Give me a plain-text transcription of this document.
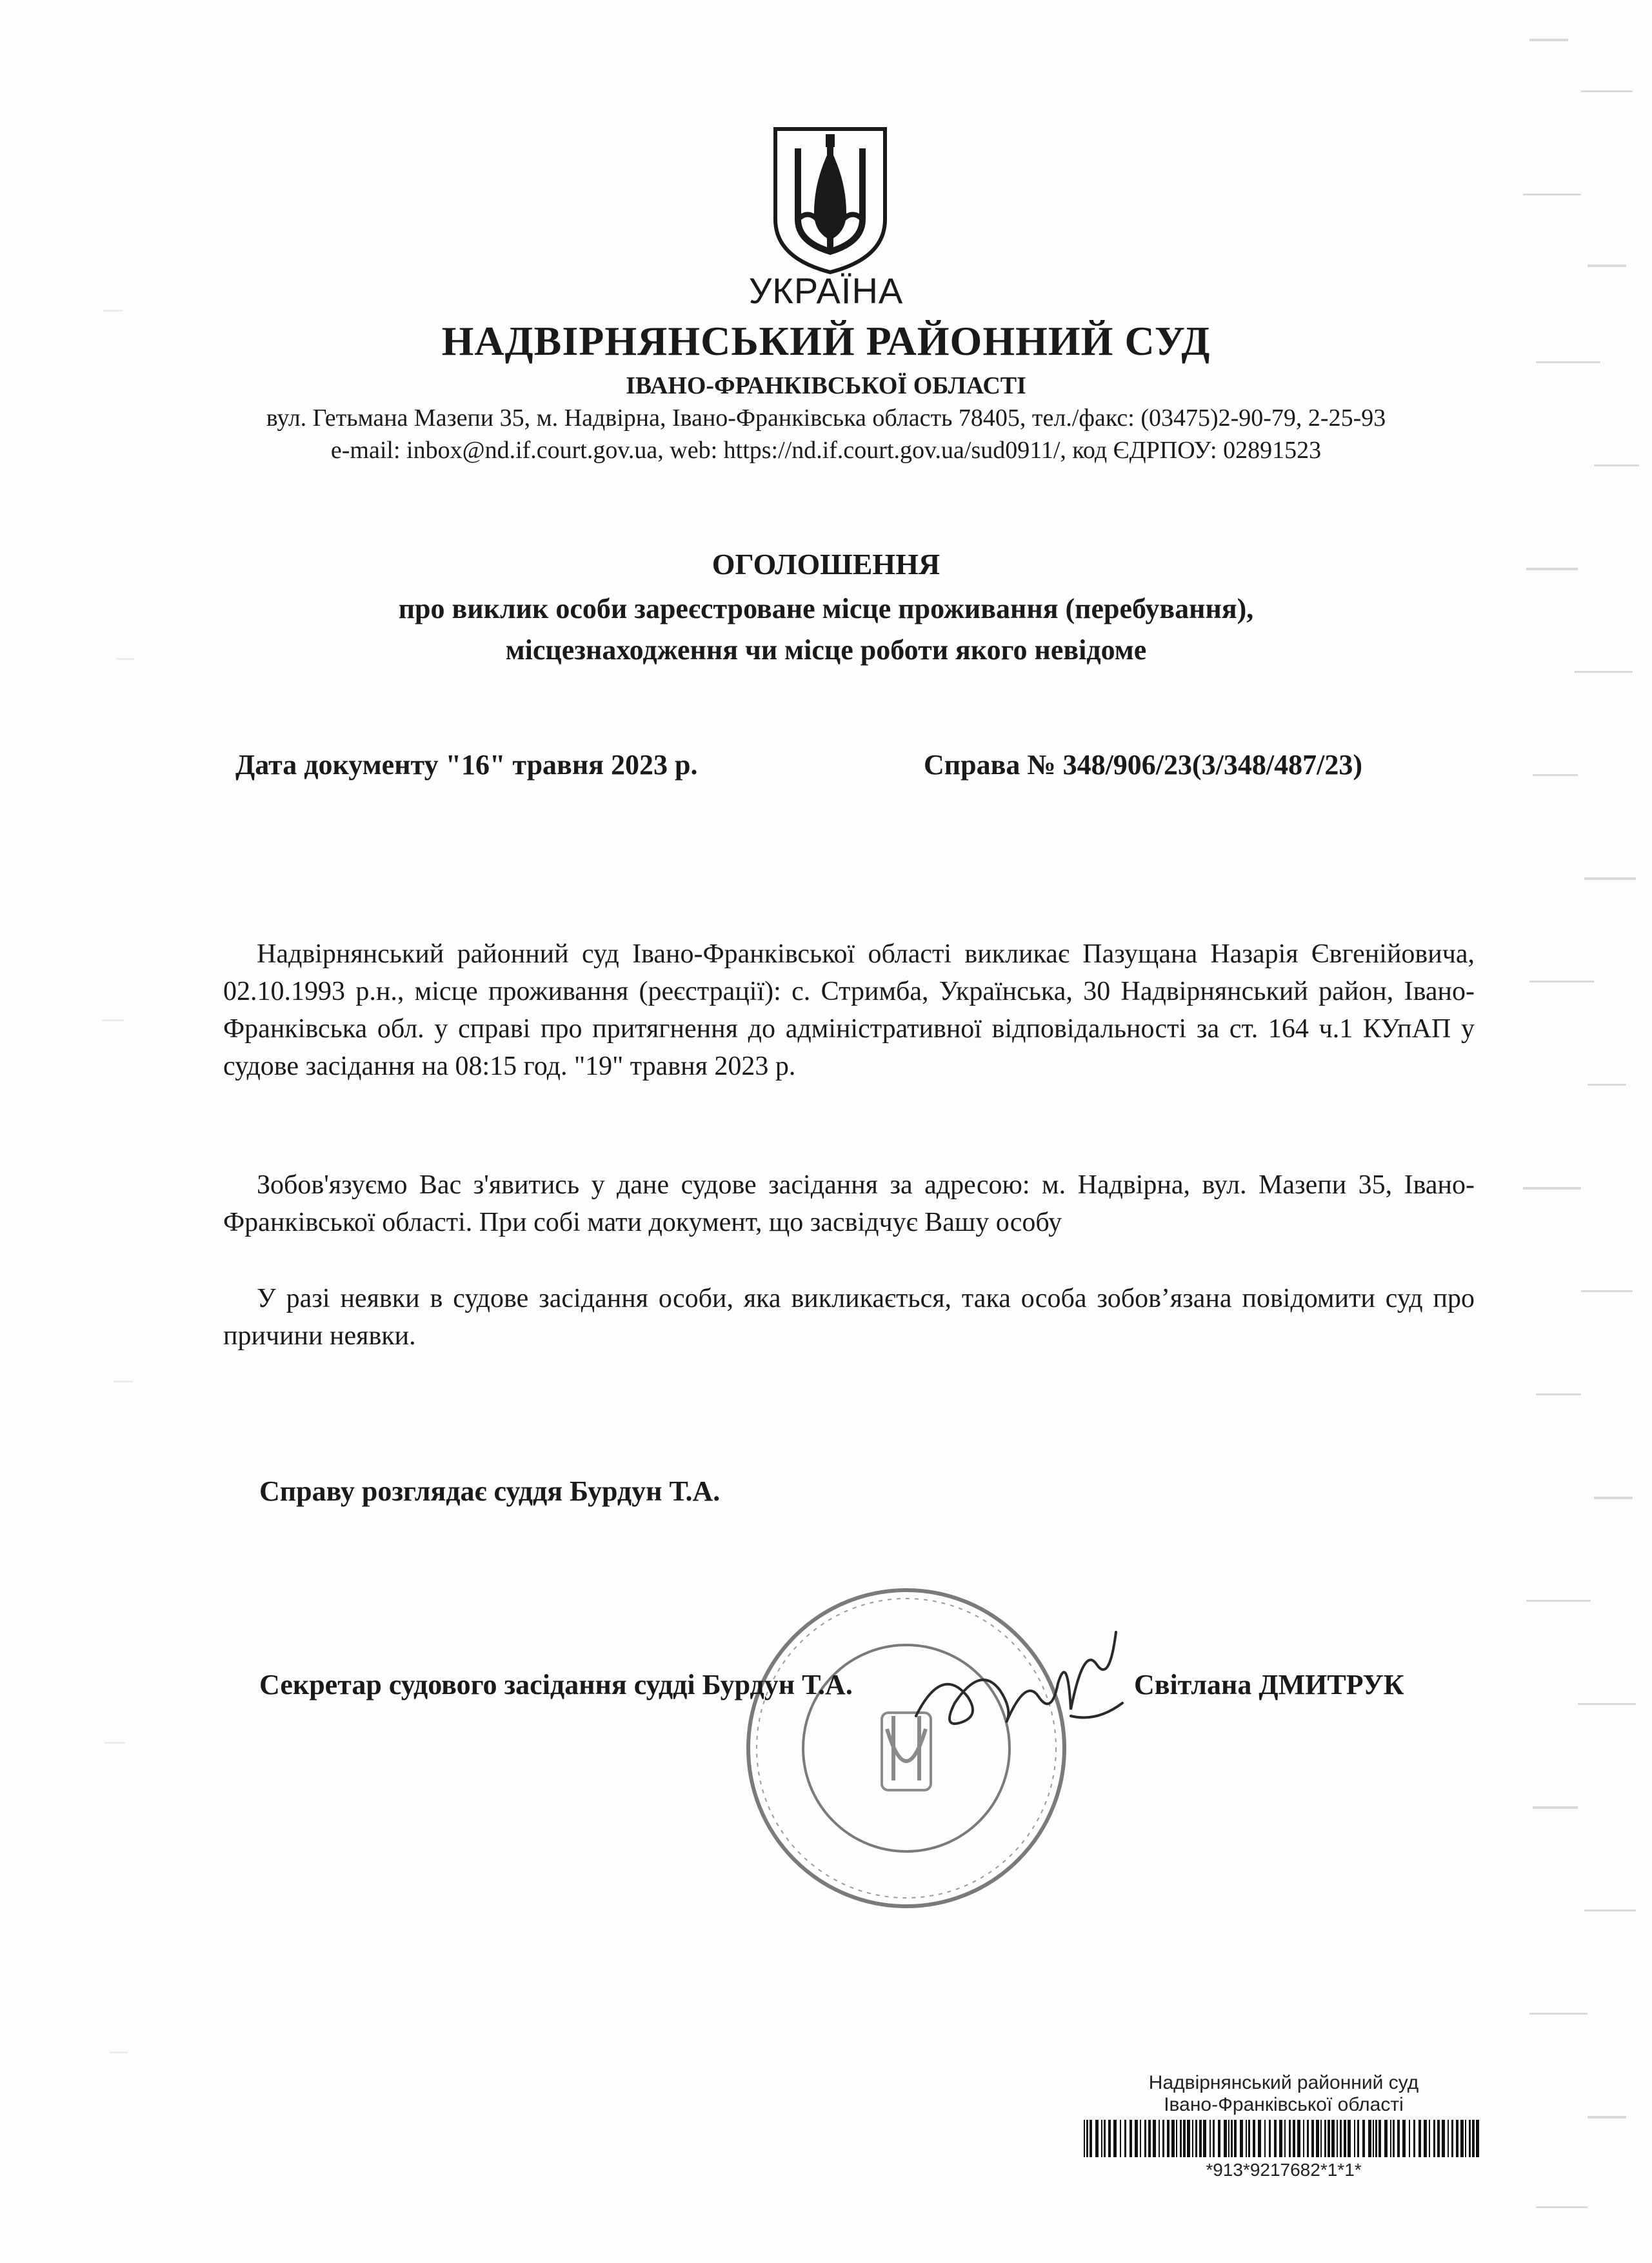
УКРАЇНА
НАДВІРНЯНСЬКИЙ РАЙОННИЙ СУД
ІВАНО-ФРАНКІВСЬКОЇ ОБЛАСТІ
вул. Гетьмана Мазепи 35, м. Надвірна, Івано-Франківська область 78405, тел./факс: (03475)2-90-79, 2-25-93
e-mail: inbox@nd.if.court.gov.ua, web: https://nd.if.court.gov.ua/sud0911/, код ЄДРПОУ: 02891523
ОГОЛОШЕННЯ
про виклик особи зареєстроване місце проживання (перебування),
місцезнаходження чи місце роботи якого невідоме
Дата документу "16" травня 2023 р.	Справа № 348/906/23(3/348/487/23)
Надвірнянський районний суд Івано-Франківської області викликає Пазущана Назарія Євгенійовича, 02.10.1993 р.н., місце проживання (реєстрації): с. Стримба, Українська, 30 Надвірнянський район, Івано-Франківська обл. у справі про притягнення до адміністративної відповідальності за ст. 164 ч.1 КУпАП у судове засідання на 08:15 год. "19" травня 2023 р.
Зобов'язуємо Вас з'явитись у дане судове засідання за адресою: м. Надвірна, вул. Мазепи 35, Івано-Франківської області. При собі мати документ, що засвідчує Вашу особу
У разі неявки в судове засідання особи, яка викликається, така особа зобов’язана повідомити суд про причини неявки.
Справу розглядає суддя Бурдун Т.А.
Секретар судового засідання судді Бурдун Т.А.	Світлана ДМИТРУК
Надвірнянський районний суд
Івано-Франківської області
*913*9217682*1*1*
